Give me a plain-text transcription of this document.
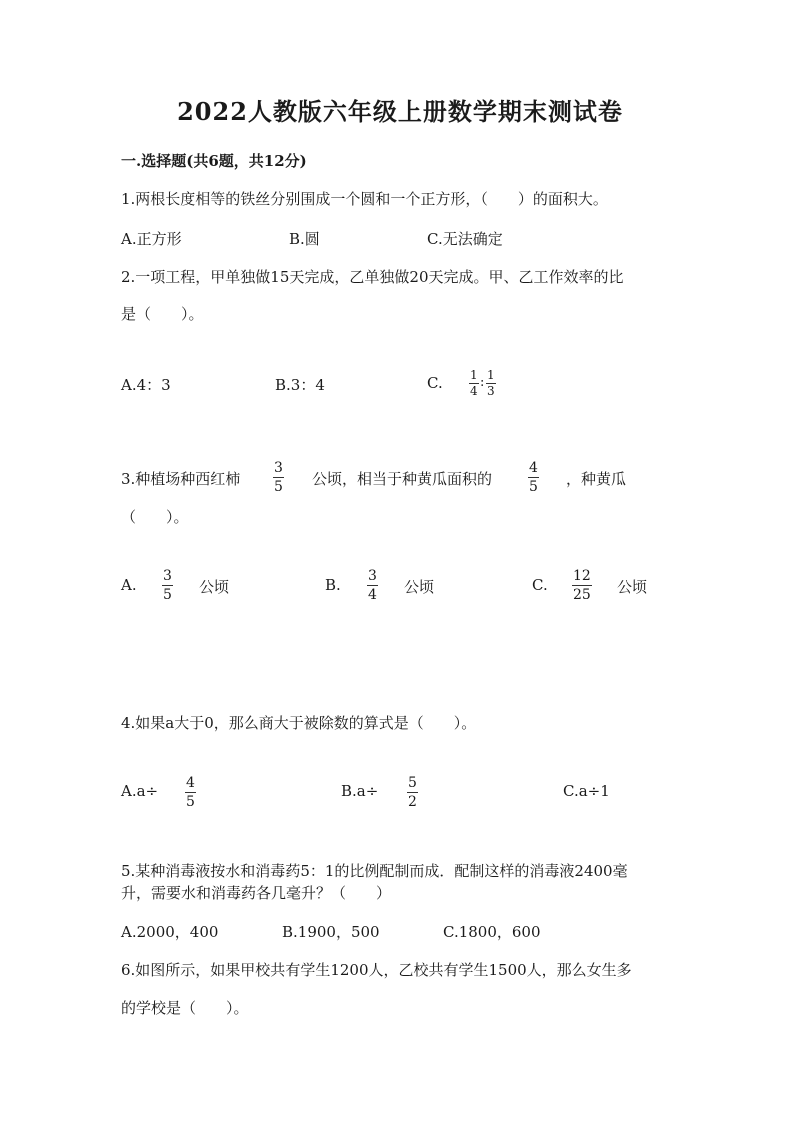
2022人教版六年级上册数学期末测试卷
一.选择题(共6题，共12分)
1.两根长度相等的铁丝分别围成一个圆和一个正方形，（　　）的面积大。
A.正方形	B.圆	C.无法确定
2.一项工程，甲单独做15天完成，乙单独做20天完成。甲、乙工作效率的比
是（　　）。
A.4：3	B.3：4	C. 1
4
: 1
3
3.种植场种西红柿
3
5 公顷，相当于种黄瓜面积的
4
5 ，种黄瓜
（　　）。
A. 3
5 公顷	B. 3
4 公顷	C. 12
25 公顷
4.如果a大于0，那么商大于被除数的算式是（　　）。
A.a÷ 4
5
B.a÷ 5
2
C.a÷1
5.某种消毒液按水和消毒药5：1的比例配制而成．配制这样的消毒液2400毫
升，需要水和消毒药各几毫升？（　　）
A.2000，400	B.1900，500	C.1800，600
6.如图所示，如果甲校共有学生1200人，乙校共有学生1500人，那么女生多
的学校是（　　）。
